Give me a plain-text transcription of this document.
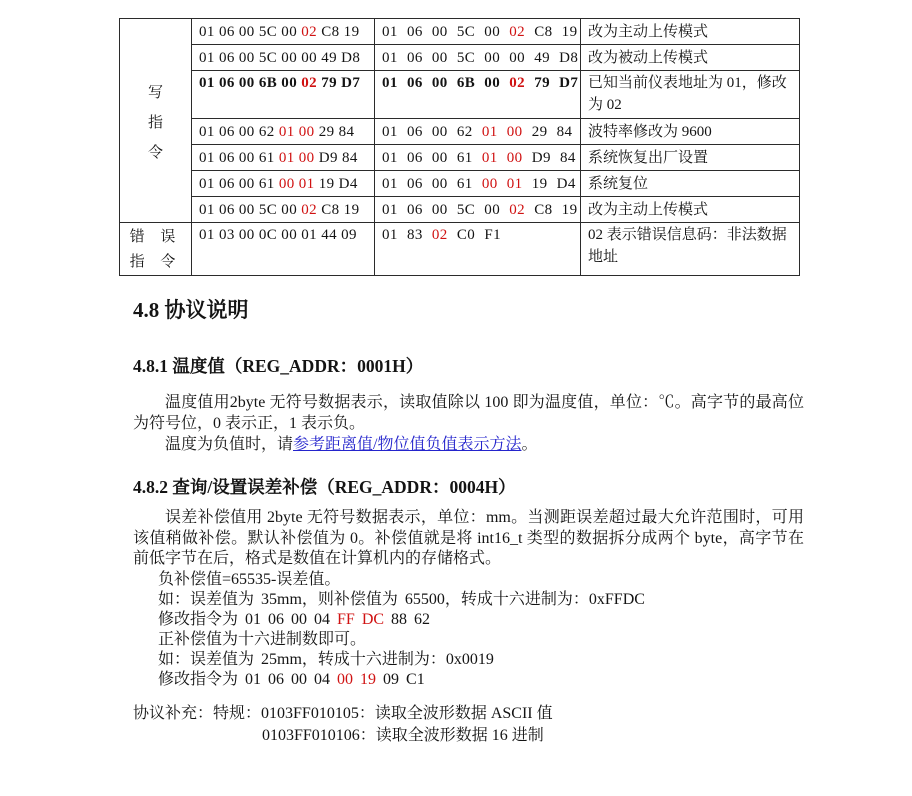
写指令	01 06 00 5C 00 02 C8 19	01 06 00 5C 00 02 C8 19	改为主动上传模式
	01 06 00 5C 00 00 49 D8	01 06 00 5C 00 00 49 D8	改为被动上传模式
	01 06 00 6B 00 02 79 D7	01 06 00 6B 00 02 79 D7	已知当前仪表地址为 01，修改为 02
	01 06 00 62 01 00 29 84	01 06 00 62 01 00 29 84	波特率修改为 9600
	01 06 00 61 01 00 D9 84	01 06 00 61 01 00 D9 84	系统恢复出厂设置
	01 06 00 61 00 01 19 D4	01 06 00 61 00 01 19 D4	系统复位
	01 06 00 5C 00 02 C8 19	01 06 00 5C 00 02 C8 19	改为主动上传模式

错 误
指 令	01 03 00 0C 00 01 44 09	01 83 02 C0 F1	02 表示错误信息码：非法数据地址
4.8 协议说明
4.8.1 温度值（REG_ADDR：0001H）

温度值用2byte 无符号数据表示，读取值除以 100 即为温度值，单位：℃。高字节的最高位为符号位，0 表示正，1 表示负。

温度为负值时，请参考距离值/物位值负值表示方法。
4.8.2 查询/设置误差补偿（REG_ADDR：0004H）

误差补偿值用 2byte 无符号数据表示，单位：mm。当测距误差超过最大允许范围时，可用该值稍做补偿。默认补偿值为 0。补偿值就是将 int16_t 类型的数据拆分成两个 byte，高字节在前低字节在后，格式是数值在计算机内的存储格式。

负补偿值=65535-误差值。
如：误差值为 35mm，则补偿值为 65500，转成十六进制为：0xFFDC
修改指令为 01 06 00 04 FF DC 88 62
正补偿值为十六进制数即可。
如：误差值为 25mm，转成十六进制为：0x0019
修改指令为 01 06 00 04 00 19 09 C1
协议补充：特规：0103FF010105：读取全波形数据 ASCII 值
0103FF010106：读取全波形数据 16 进制
